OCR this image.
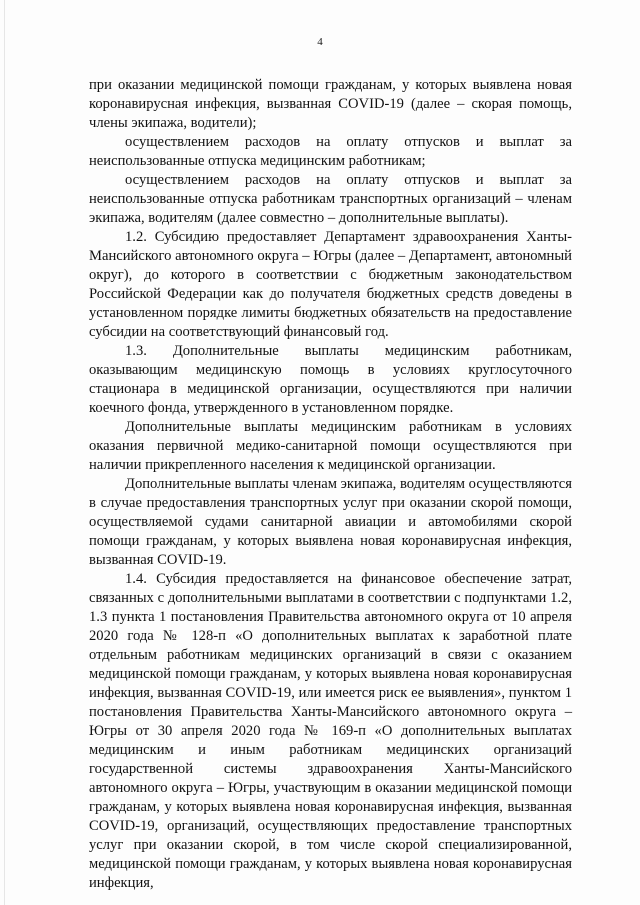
4

при оказании медицинской помощи гражданам, у которых выявлена новая коронавирусная инфекция, вызванная COVID-19 (далее – скорая помощь, члены экипажа, водители);

осуществлением расходов на оплату отпусков и выплат за неиспользованные отпуска медицинским работникам;

осуществлением расходов на оплату отпусков и выплат за неиспользованные отпуска работникам транспортных организаций – членам экипажа, водителям (далее совместно – дополнительные выплаты).

1.2. Субсидию предоставляет Департамент здравоохранения Ханты-Мансийского автономного округа – Югры (далее – Департамент, автономный округ), до которого в соответствии с бюджетным законодательством Российской Федерации как до получателя бюджетных средств доведены в установленном порядке лимиты бюджетных обязательств на предоставление субсидии на соответствующий финансовый год.

1.3. Дополнительные выплаты медицинским работникам, оказывающим медицинскую помощь в условиях круглосуточного стационара в медицинской организации, осуществляются при наличии коечного фонда, утвержденного в установленном порядке.

Дополнительные выплаты медицинским работникам в условиях оказания первичной медико-санитарной помощи осуществляются при наличии прикрепленного населения к медицинской организации.

Дополнительные выплаты членам экипажа, водителям осуществляются в случае предоставления транспортных услуг при оказании скорой помощи, осуществляемой судами санитарной авиации и автомобилями скорой помощи гражданам, у которых выявлена новая коронавирусная инфекция, вызванная COVID-19.

1.4. Субсидия предоставляется на финансовое обеспечение затрат, связанных с дополнительными выплатами в соответствии с подпунктами 1.2, 1.3 пункта 1 постановления Правительства автономного округа от 10 апреля 2020 года № 128-п «О дополнительных выплатах к заработной плате отдельным работникам медицинских организаций в связи с оказанием медицинской помощи гражданам, у которых выявлена новая коронавирусная инфекция, вызванная COVID-19, или имеется риск ее выявления», пунктом 1 постановления Правительства Ханты-Мансийского автономного округа – Югры от 30 апреля 2020 года № 169-п «О дополнительных выплатах медицинским и иным работникам медицинских организаций государственной системы здравоохранения Ханты-Мансийского автономного округа – Югры, участвующим в оказании медицинской помощи гражданам, у которых выявлена новая коронавирусная инфекция, вызванная COVID-19, организаций, осуществляющих предоставление транспортных услуг при оказании скорой, в том числе скорой специализированной, медицинской помощи гражданам, у которых выявлена новая коронавирусная инфекция,
